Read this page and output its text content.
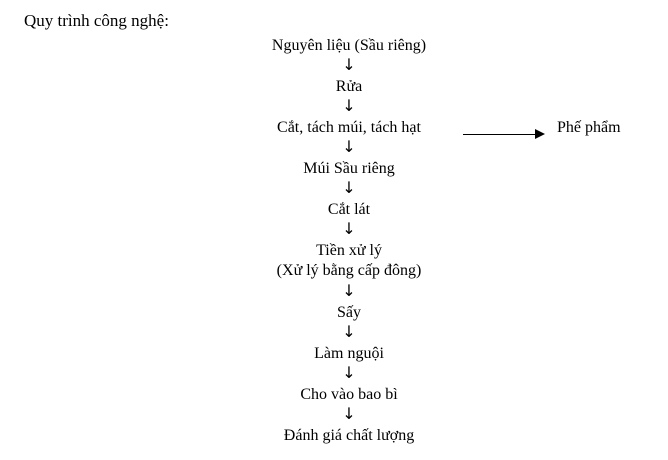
Quy trình công nghệ:
Nguyên liệu (Sầu riêng)
↓
Rửa
↓
Cắt, tách múi, tách hạt
↓
Múi Sầu riêng
↓
Cắt lát
↓
Tiền xử lý
(Xử lý bằng cấp đông)
↓
Sấy
↓
Làm nguội
↓
Cho vào bao bì
↓
Đánh giá chất lượng
Phế phẩm
